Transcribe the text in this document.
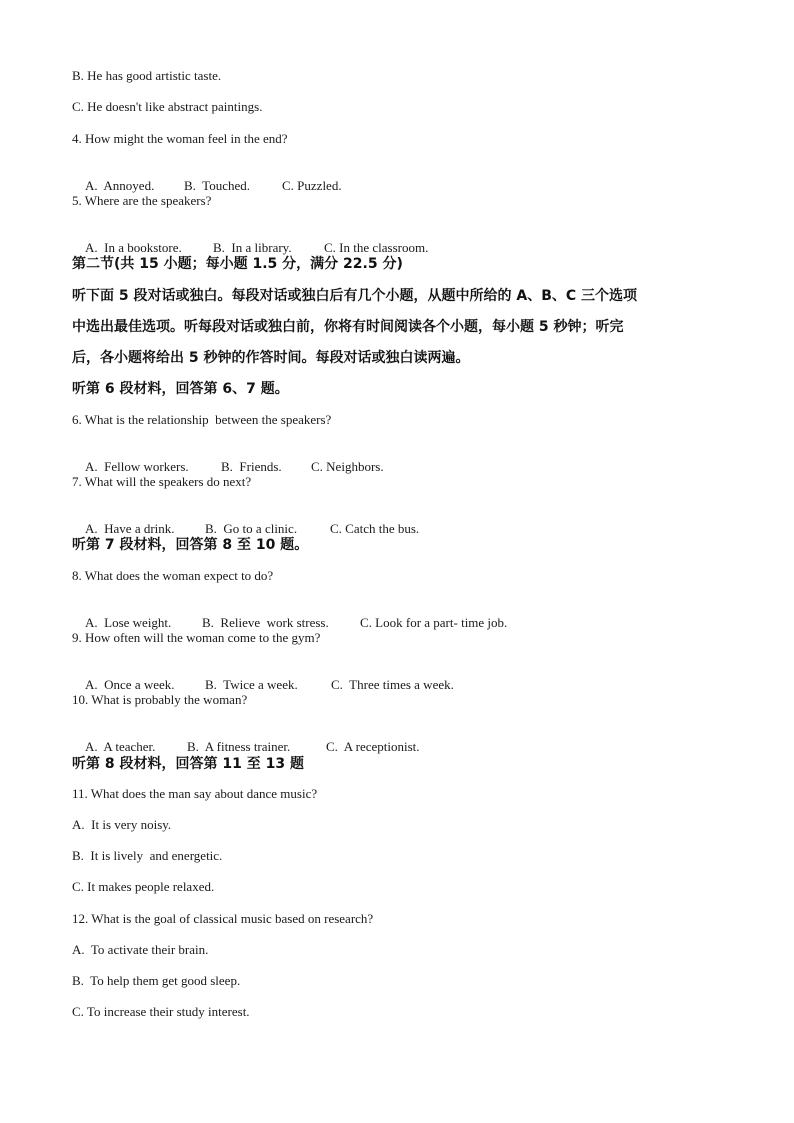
B. He has good artistic taste.
C. He doesn't like abstract paintings.
4. How might the woman feel in the end?

A.  Annoyed. B.  Touched. C. Puzzled.

5. Where are the speakers?

A.  In a bookstore. B.  In a library. C. In the classroom.

第二节(共 15 小题；每小题 1.5 分，满分 22.5 分)
听下面 5 段对话或独白。每段对话或独白后有几个小题，从题中所给的 A、B、C 三个选项
中选出最佳选项。听每段对话或独白前，你将有时间阅读各个小题，每小题 5 秒钟；听完
后，各小题将给出 5 秒钟的作答时间。每段对话或独白读两遍。
听第 6 段材料，回答第 6、7 题。
6. What is the relationship  between the speakers?

A.  Fellow workers. B.  Friends. C. Neighbors.

7. What will the speakers do next?

A.  Have a drink. B.  Go to a clinic.	C. Catch the bus.

听第 7 段材料，回答第 8 至 10 题。
8. What does the woman expect to do?

A.  Lose weight. B.  Relieve  work stress. C. Look for a part- time job.

9. How often will the woman come to the gym?

A.  Once a week. B.  Twice a week.	C.  Three times a week.

10. What is probably the woman?

A.  A teacher. B.  A fitness trainer.	C.  A receptionist.

听第 8 段材料，回答第 11 至 13 题
11. What does the man say about dance music?
A.  It is very noisy.
B.  It is lively  and energetic.
C. It makes people relaxed.
12. What is the goal of classical music based on research?
A.  To activate their brain.
B.  To help them get good sleep.
C. To increase their study interest.
